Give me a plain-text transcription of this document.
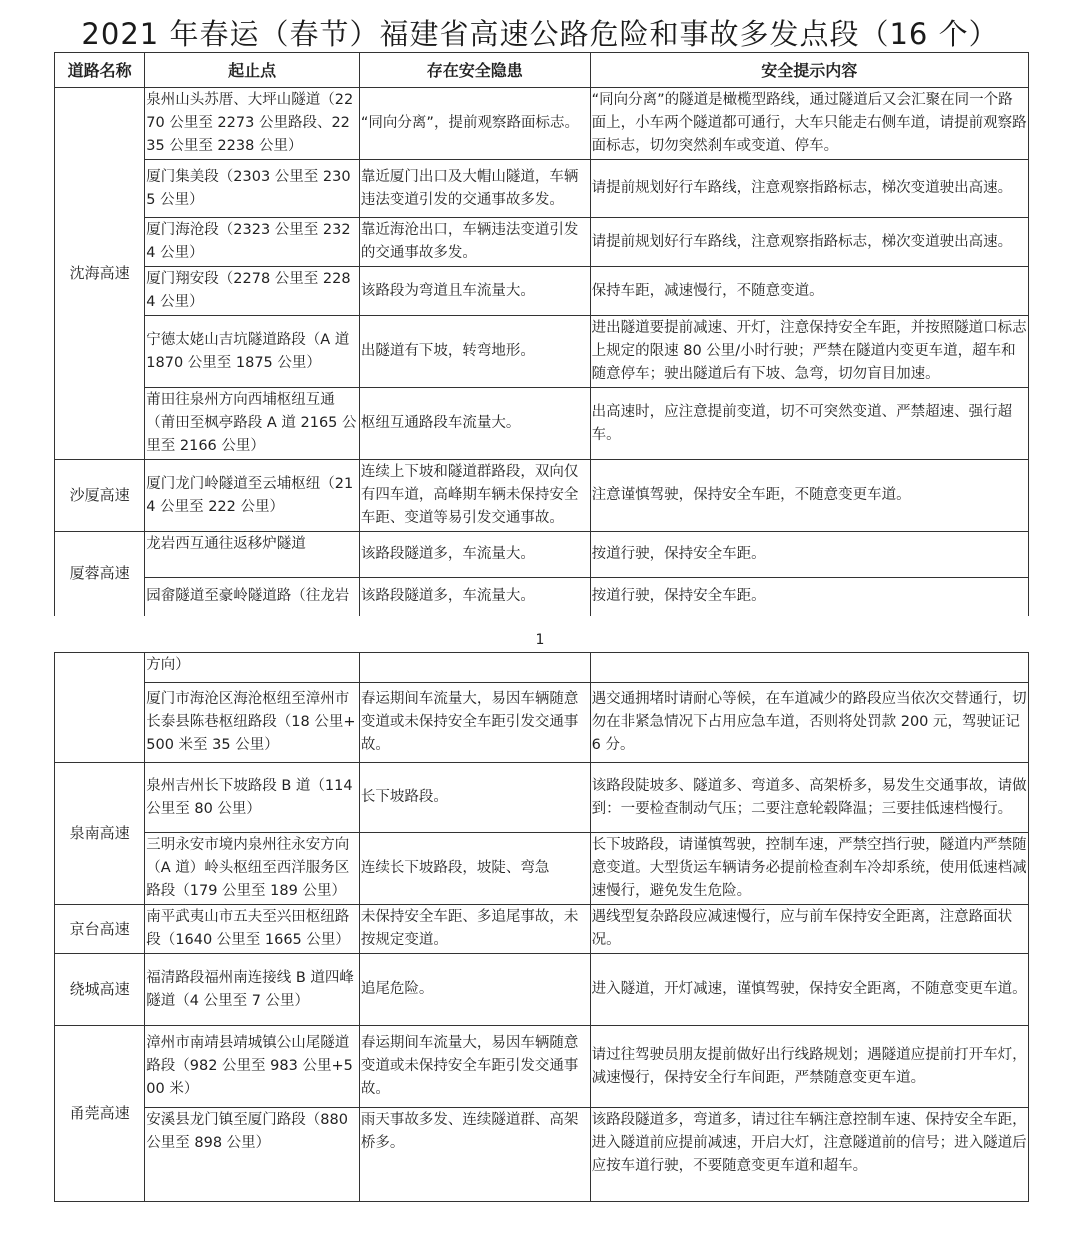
2021 年春运（春节）福建省高速公路危险和事故多发点段（16 个）
道路名称	起止点	存在安全隐患	安全提示内容
沈海高速	泉州山头苏厝、大坪山隧道（2270 公里至 2273 公里路段、2235 公里至 2238 公里）	“同向分离”，提前观察路面标志。	“同向分离”的隧道是橄榄型路线，通过隧道后又会汇聚在同一个路面上，小车两个隧道都可通行，大车只能走右侧车道，请提前观察路面标志，切勿突然刹车或变道、停车。
	厦门集美段（2303 公里至 2305 公里）	靠近厦门出口及大帽山隧道，车辆违法变道引发的交通事故多发。	请提前规划好行车路线，注意观察指路标志，梯次变道驶出高速。
	厦门海沧段（2323 公里至 2324 公里）	靠近海沧出口，车辆违法变道引发的交通事故多发。	请提前规划好行车路线，注意观察指路标志，梯次变道驶出高速。
	厦门翔安段（2278 公里至 2284 公里）	该路段为弯道且车流量大。	保持车距，减速慢行，不随意变道。
	宁德太姥山吉坑隧道路段（A 道 1870 公里至 1875 公里）	出隧道有下坡，转弯地形。	进出隧道要提前减速、开灯，注意保持安全车距，并按照隧道口标志上规定的限速 80 公里/小时行驶；严禁在隧道内变更车道，超车和随意停车；驶出隧道后有下坡、急弯，切勿盲目加速。
	莆田往泉州方向西埔枢纽互通（莆田至枫亭路段 A 道 2165 公里至 2166 公里）	枢纽互通路段车流量大。	出高速时，应注意提前变道，切不可突然变道、严禁超速、强行超车。
沙厦高速	厦门龙门岭隧道至云埔枢纽（214 公里至 222 公里）	连续上下坡和隧道群路段，双向仅有四车道，高峰期车辆未保持安全车距、变道等易引发交通事故。	注意谨慎驾驶，保持安全车距，不随意变更车道。
厦蓉高速	龙岩西互通往返移炉隧道	该路段隧道多，车流量大。	按道行驶，保持安全车距。
	园畲隧道至豪岭隧道路（往龙岩	该路段隧道多，车流量大。	按道行驶，保持安全车距。
1
	方向）		
	厦门市海沧区海沧枢纽至漳州市长泰县陈巷枢纽路段（18 公里+500 米至 35 公里）	春运期间车流量大，易因车辆随意变道或未保持安全车距引发交通事故。	遇交通拥堵时请耐心等候，在车道减少的路段应当依次交替通行，切勿在非紧急情况下占用应急车道，否则将处罚款 200 元，驾驶证记 6 分。
泉南高速	泉州吉州长下坡路段 B 道（114 公里至 80 公里）	长下坡路段。	该路段陡坡多、隧道多、弯道多、高架桥多，易发生交通事故，请做到：一要检查制动气压；二要注意轮毂降温；三要挂低速档慢行。
	三明永安市境内泉州往永安方向（A 道）岭头枢纽至西洋服务区路段（179 公里至 189 公里）	连续长下坡路段，坡陡、弯急	长下坡路段，请谨慎驾驶，控制车速，严禁空挡行驶，隧道内严禁随意变道。大型货运车辆请务必提前检查刹车冷却系统，使用低速档减速慢行，避免发生危险。
京台高速	南平武夷山市五夫至兴田枢纽路段（1640 公里至 1665 公里）	未保持安全车距、多追尾事故，未按规定变道。	遇线型复杂路段应减速慢行，应与前车保持安全距离，注意路面状况。
绕城高速	福清路段福州南连接线 B 道四峰隧道（4 公里至 7 公里）	追尾危险。	进入隧道，开灯减速，谨慎驾驶，保持安全距离，不随意变更车道。
甬莞高速	漳州市南靖县靖城镇公山尾隧道路段（982 公里至 983 公里+500 米）	春运期间车流量大，易因车辆随意变道或未保持安全车距引发交通事故。	请过往驾驶员朋友提前做好出行线路规划；遇隧道应提前打开车灯，减速慢行，保持安全行车间距，严禁随意变更车道。
	安溪县龙门镇至厦门路段（880 公里至 898 公里）	雨天事故多发、连续隧道群、高架桥多。	该路段隧道多，弯道多，请过往车辆注意控制车速、保持安全车距，进入隧道前应提前减速，开启大灯，注意隧道前的信号；进入隧道后应按车道行驶，不要随意变更车道和超车。
